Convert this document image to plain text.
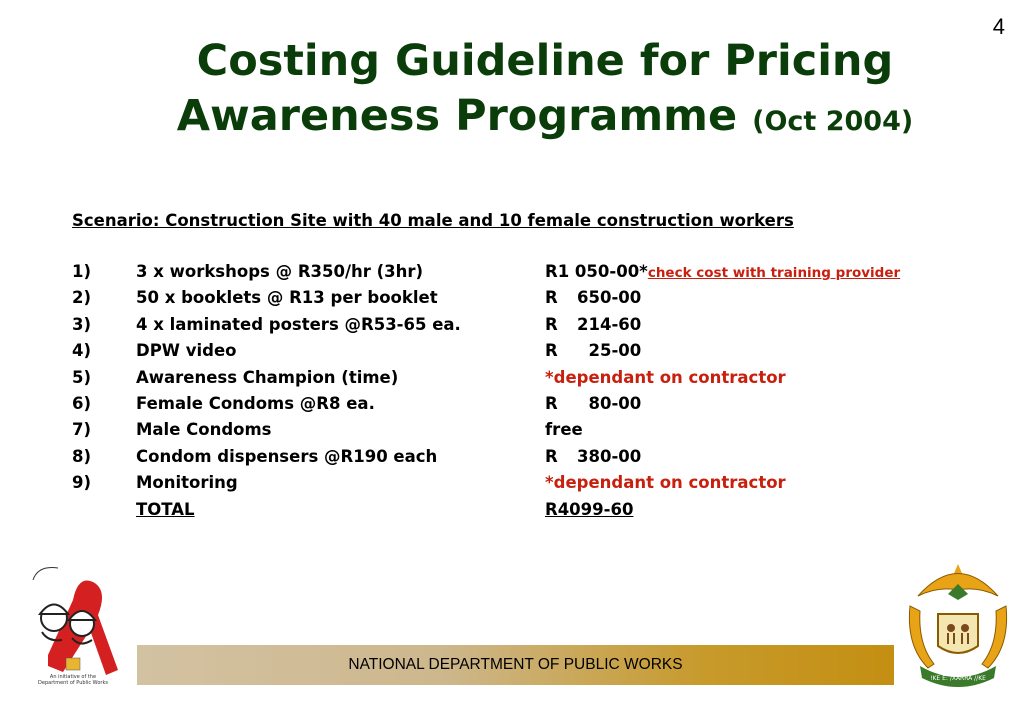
4
Costing Guideline for Pricing
Awareness Programme (Oct 2004)
Scenario: Construction Site with 40 male and 10 female construction workers
1)	3 x workshops @ R350/hr (3hr)	R1 050-00*check cost with training provider
2)	50 x booklets @ R13 per booklet	R 650-00
3)	4 x laminated posters @R53-65 ea.	R 214-60
4)	DPW video	R  25-00
5)	Awareness Champion (time)	*dependant on contractor
6)	Female Condoms @R8 ea.	R  80-00
7)	Male Condoms	free
8)	Condom dispensers @R190 each	R 380-00
9)	Monitoring	*dependant on contractor
TOTAL	R4099-60
An initiative of the
Department of Public Works
NATIONAL DEPARTMENT OF PUBLIC WORKS
!KE E: /XARRA //KE
